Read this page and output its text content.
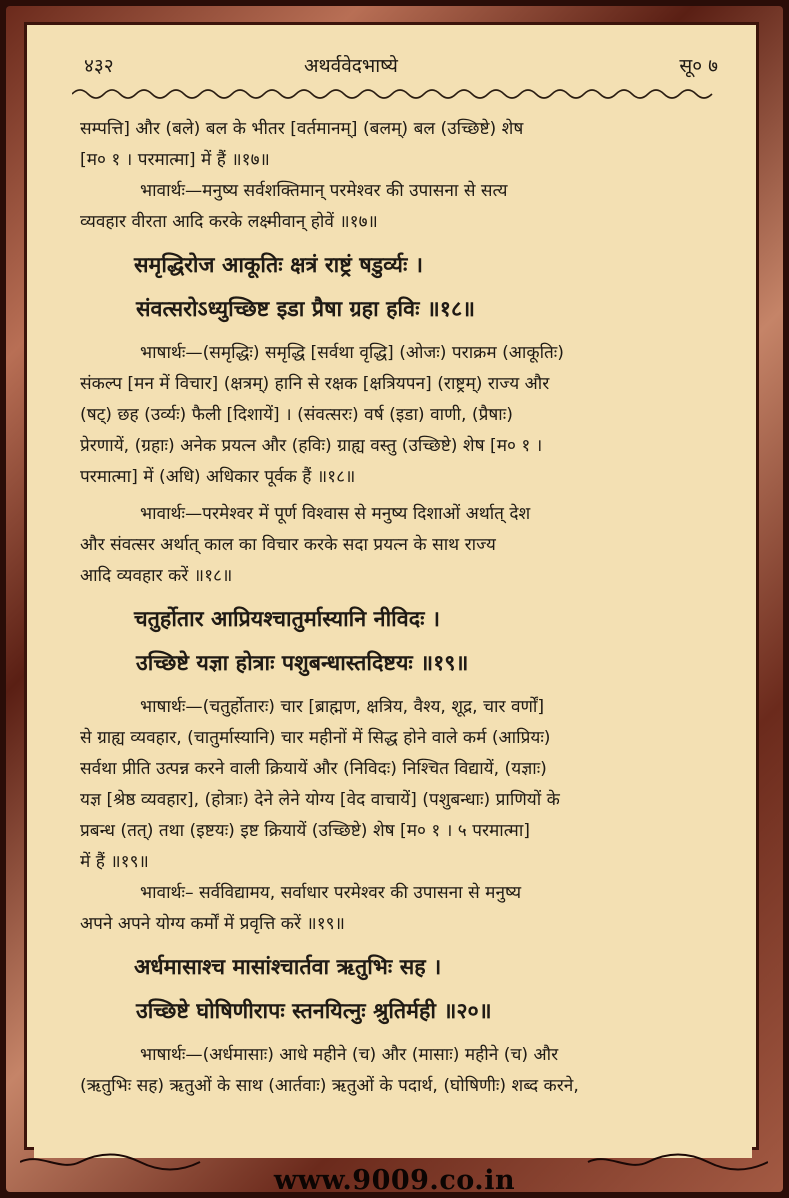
४३२	अथर्ववेदभाष्ये	सू० ७

सम्पत्ति] और (बले) बल के भीतर [वर्तमानम्] (बलम्) बल (उच्छिष्टे) शेष

[म० १ । परमात्मा] में हैं ॥१७॥

भावार्थः—मनुष्य सर्वशक्तिमान् परमेश्वर की उपासना से सत्य

व्यवहार वीरता आदि करके लक्ष्मीवान् होवें ॥१७॥

समृद्धिरोज आकूतिः क्षत्रं राष्ट्रं षडुर्व्यः ।

संवत्सरोऽध्युच्छिष्ट इडा प्रैषा ग्रहा हविः ॥१८॥

भाषार्थः—(समृद्धिः) समृद्धि [सर्वथा वृद्धि] (ओजः) पराक्रम (आकूतिः)

संकल्प [मन में विचार] (क्षत्रम्) हानि से रक्षक [क्षत्रियपन] (राष्ट्रम्) राज्य और

(षट्) छह (उर्व्यः) फैली [दिशायें] । (संवत्सरः) वर्ष (इडा) वाणी, (प्रैषाः)

प्रेरणायें, (ग्रहाः) अनेक प्रयत्न और (हविः) ग्राह्य वस्तु (उच्छिष्टे) शेष [म० १ ।

परमात्मा] में (अधि) अधिकार पूर्वक हैं ॥१८॥

भावार्थः—परमेश्वर में पूर्ण विश्वास से मनुष्य दिशाओं अर्थात् देश

और संवत्सर अर्थात् काल का विचार करके सदा प्रयत्न के साथ राज्य

आदि व्यवहार करें ॥१८॥

चतुर्होतार आप्रियश्चातुर्मास्यानि नीविदः ।

उच्छिष्टे यज्ञा होत्राः पशुबन्धास्तदिष्टयः ॥१९॥

भाषार्थः—(चतुर्होतारः) चार [ब्राह्मण, क्षत्रिय, वैश्य, शूद्र, चार वर्णों]

से ग्राह्य व्यवहार, (चातुर्मास्यानि) चार महीनों में सिद्ध होने वाले कर्म (आप्रियः)

सर्वथा प्रीति उत्पन्न करने वाली क्रियायें और (निविदः) निश्चित विद्यायें, (यज्ञाः)

यज्ञ [श्रेष्ठ व्यवहार], (होत्राः) देने लेने योग्य [वेद वाचायें] (पशुबन्धाः) प्राणियों के

प्रबन्ध (तत्) तथा (इष्टयः) इष्ट क्रियायें (उच्छिष्टे) शेष [म० १ । ५ परमात्मा]

में हैं ॥१९॥

भावार्थः– सर्वविद्यामय, सर्वाधार परमेश्वर की उपासना से मनुष्य

अपने अपने योग्य कर्मों में प्रवृत्ति करें ॥१९॥

अर्धमासाश्च मासांश्चार्तवा ऋतुभिः सह ।

उच्छिष्टे घोषिणीरापः स्तनयित्नुः श्रुतिर्मही ॥२०॥

भाषार्थः—(अर्धमासाः) आधे महीने (च) और (मासाः) महीने (च) और

(ऋतुभिः सह) ऋतुओं के साथ (आर्तवाः) ऋतुओं के पदार्थ, (घोषिणीः) शब्द करने,

www.9009.co.in
